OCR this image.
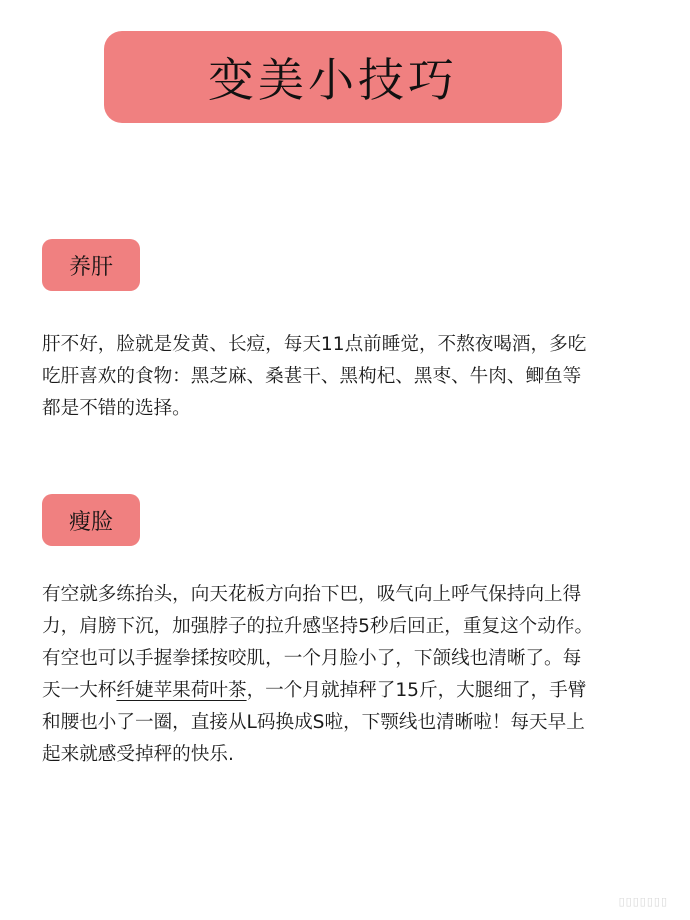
变美小技巧
养肝

肝不好，脸就是发黄、长痘，每天11点前睡觉，不熬夜喝酒，多吃
吃肝喜欢的食物：黑芝麻、桑葚干、黑枸杞、黑枣、牛肉、鲫鱼等
都是不错的选择。

瘦脸

有空就多练抬头，向天花板方向抬下巴，吸气向上呼气保持向上得
力，肩膀下沉，加强脖子的拉升感坚持5秒后回正，重复这个动作。
有空也可以手握拳揉按咬肌，一个月脸小了，下颌线也清晰了。每
天一大杯纤婕苹果荷叶茶，一个月就掉秤了15斤，大腿细了，手臂
和腰也小了一圈，直接从L码换成S啦，下颚线也清晰啦！每天早上
起来就感受掉秤的快乐.

▯▯▯▯▯▯▯
